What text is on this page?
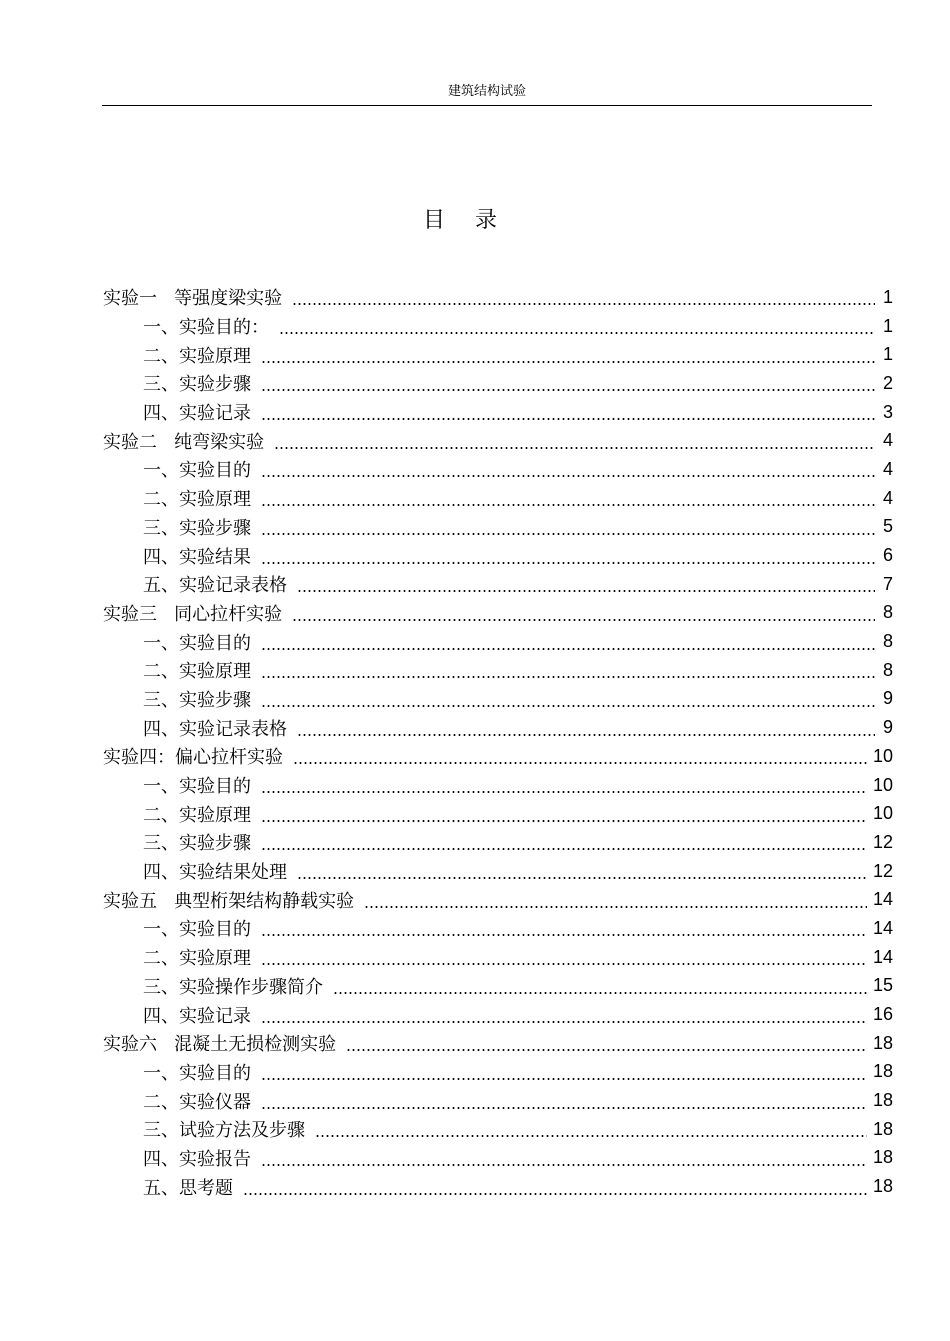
建筑结构试验
目录
实验一   等强度梁实验	1
一、实验目的：	1
二、实验原理	1
三、实验步骤	2
四、实验记录	3
实验二   纯弯梁实验	4
一、实验目的	4
二、实验原理	4
三、实验步骤	5
四、实验结果	6
五、实验记录表格	7
实验三   同心拉杆实验	8
一、实验目的	8
二、实验原理	8
三、实验步骤	9
四、实验记录表格	9
实验四：偏心拉杆实验	10
一、实验目的	10
二、实验原理	10
三、实验步骤	12
四、实验结果处理	12
实验五   典型桁架结构静载实验	14
一、实验目的	14
二、实验原理	14
三、实验操作步骤简介	15
四、实验记录	16
实验六   混凝土无损检测实验	18
一、实验目的	18
二、实验仪器	18
三、试验方法及步骤	18
四、实验报告	18
五、思考题	18
